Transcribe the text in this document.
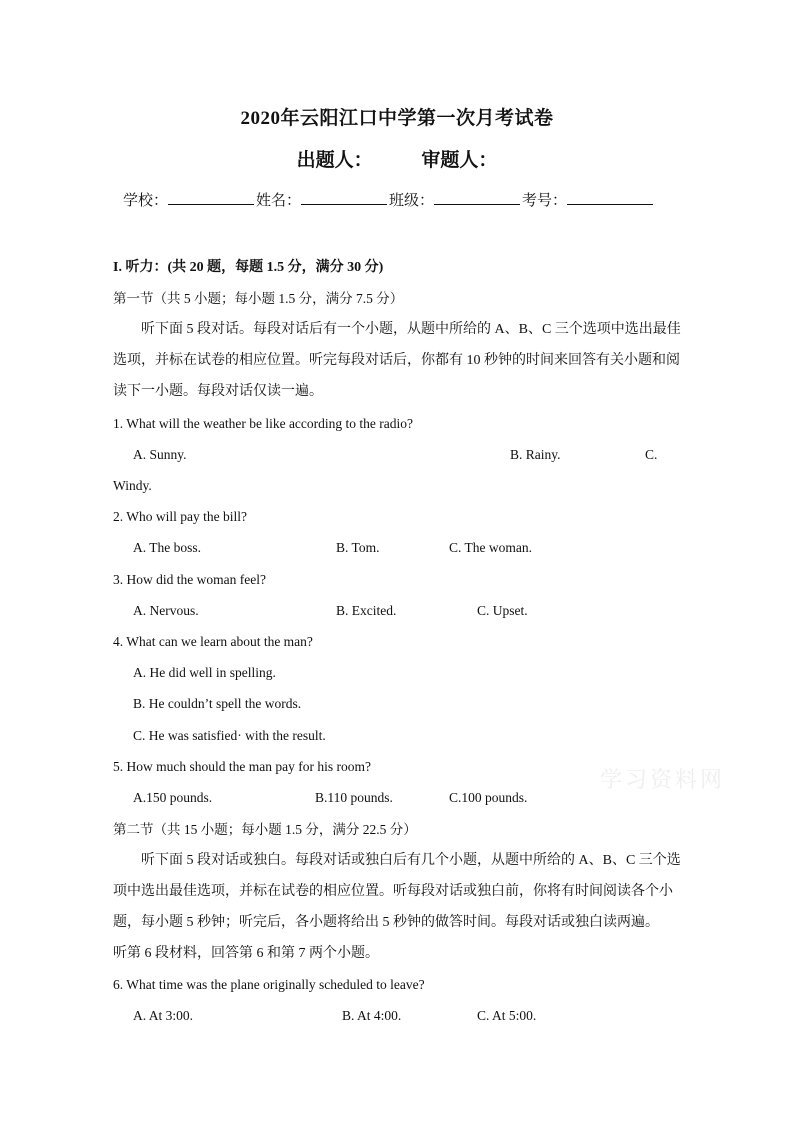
2020年云阳江口中学第一次月考试卷
出题人：	审题人：
学校：	姓名：	班级：	考号：
I. 听力：(共 20 题，每题 1.5 分，满分 30 分)
第一节（共 5 小题；每小题 1.5 分，满分 7.5 分）
听下面 5 段对话。每段对话后有一个小题，从题中所给的 A、B、C 三个选项中选出最佳
选项，并标在试卷的相应位置。听完每段对话后，你都有 10 秒钟的时间来回答有关小题和阅
读下一小题。每段对话仅读一遍。
1. What will the weather be like according to the radio?
A. Sunny.	B. Rainy.	C.
Windy.
2. Who will pay the bill?
A. The boss.	B. Tom.	C. The woman.
3. How did the woman feel?
A. Nervous.	B. Excited.	C. Upset.
4. What can we learn about the man?
A. He did well in spelling.
B. He couldn’t spell the words.
C. He was satisfied· with the result.
5. How much should the man pay for his room?
A.150 pounds.	B.110 pounds.	C.100 pounds.
学习资料网
第二节（共 15 小题；每小题 1.5 分，满分 22.5 分）
听下面 5 段对话或独白。每段对话或独白后有几个小题，从题中所给的 A、B、C 三个选
项中选出最佳选项，并标在试卷的相应位置。听每段对话或独白前，你将有时间阅读各个小
题，每小题 5 秒钟；听完后，各小题将给出 5 秒钟的做答时间。每段对话或独白读两遍。
听第 6 段材料，回答第 6 和第 7 两个小题。
6. What time was the plane originally scheduled to leave?
A. At 3:00.	B. At 4:00.	C. At 5:00.
